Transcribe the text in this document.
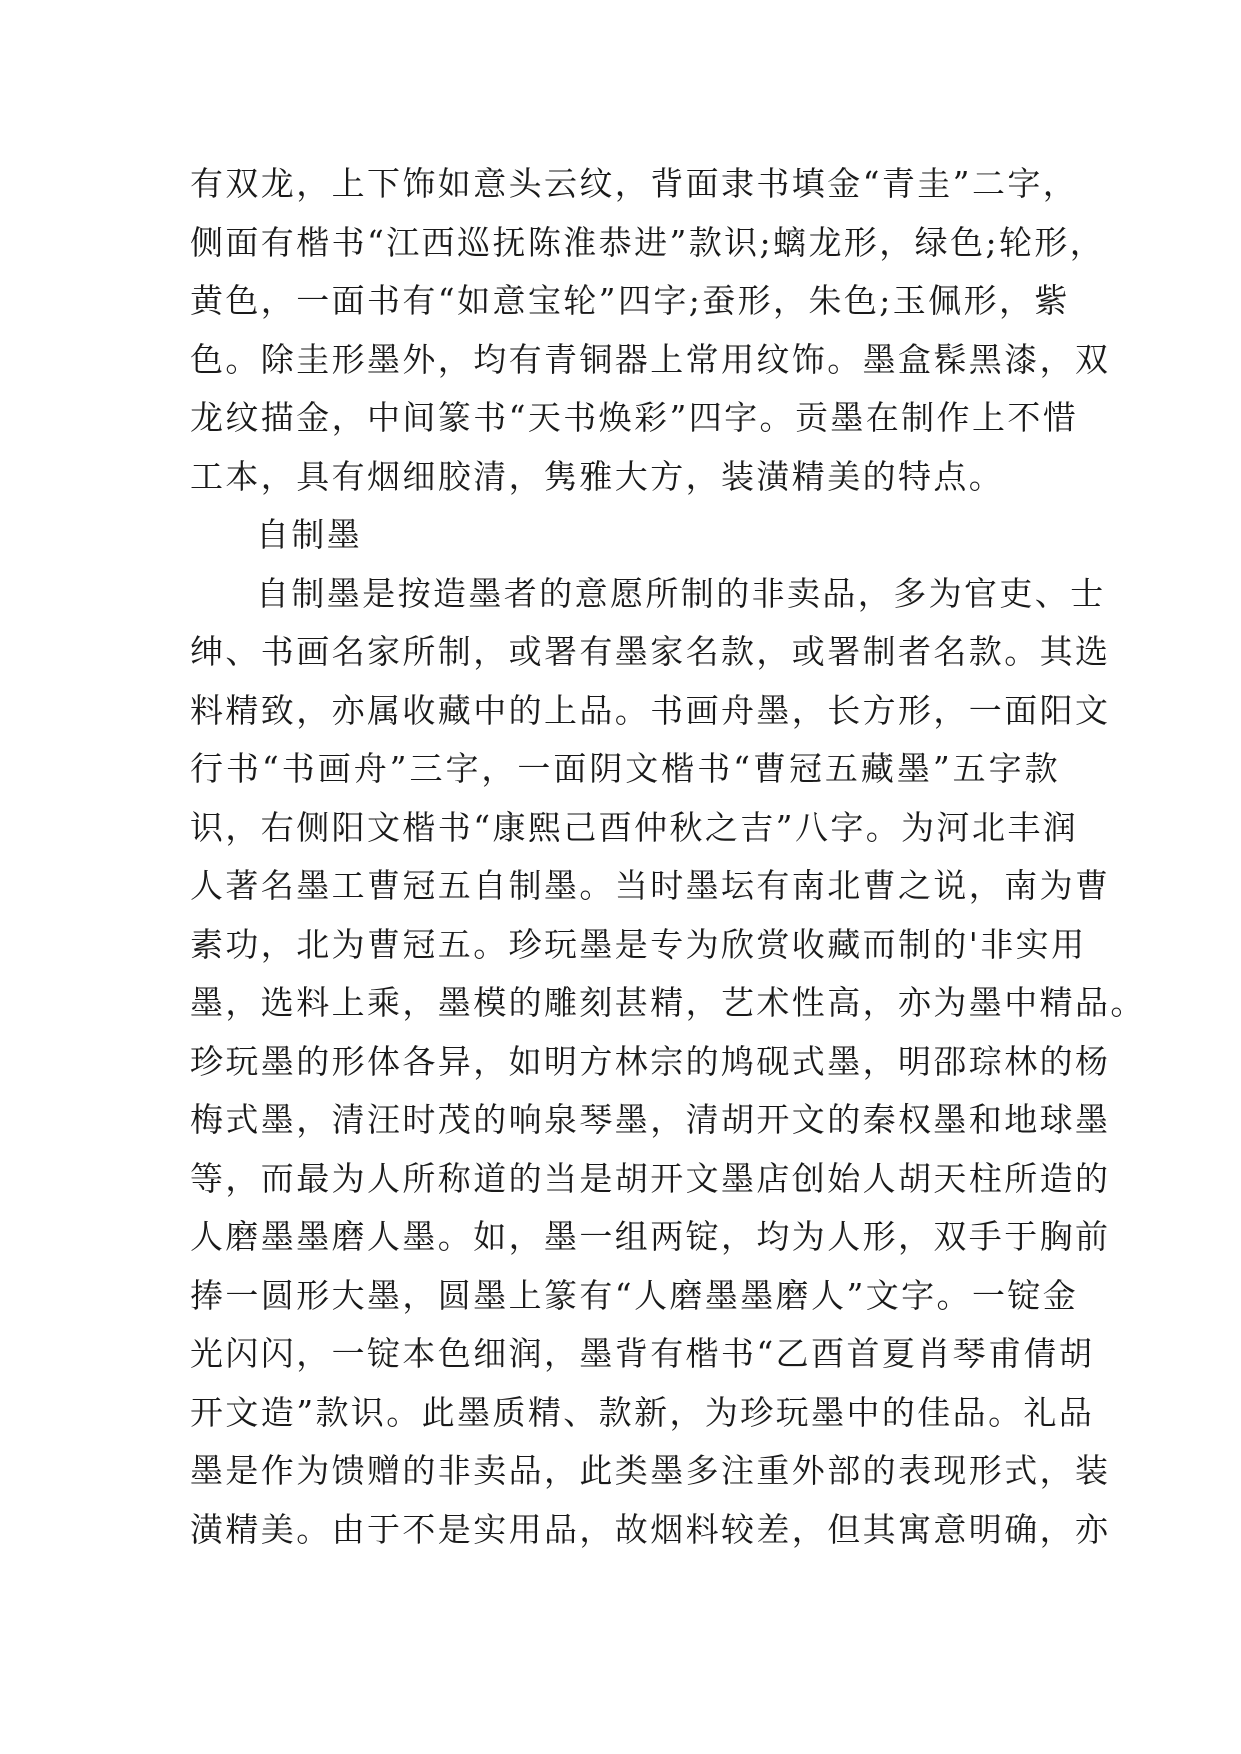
有双龙，上下饰如意头云纹，背面隶书填金“青圭”二字，
侧面有楷书“江西巡抚陈淮恭进”款识;螭龙形，绿色;轮形，
黄色，一面书有“如意宝轮”四字;蚕形，朱色;玉佩形，紫
色。除圭形墨外，均有青铜器上常用纹饰。墨盒髹黑漆，双
龙纹描金，中间篆书“天书焕彩”四字。贡墨在制作上不惜
工本，具有烟细胶清，隽雅大方，装潢精美的特点。
自制墨
自制墨是按造墨者的意愿所制的非卖品，多为官吏、士
绅、书画名家所制，或署有墨家名款，或署制者名款。其选
料精致，亦属收藏中的上品。书画舟墨，长方形，一面阳文
行书“书画舟”三字，一面阴文楷书“曹冠五藏墨”五字款
识，右侧阳文楷书“康熙己酉仲秋之吉”八字。为河北丰润
人著名墨工曹冠五自制墨。当时墨坛有南北曹之说，南为曹
素功，北为曹冠五。珍玩墨是专为欣赏收藏而制的'非实用
墨，选料上乘，墨模的雕刻甚精，艺术性高，亦为墨中精品。
珍玩墨的形体各异，如明方林宗的鸠砚式墨，明邵琮林的杨
梅式墨，清汪时茂的响泉琴墨，清胡开文的秦权墨和地球墨
等，而最为人所称道的当是胡开文墨店创始人胡天柱所造的
人磨墨墨磨人墨。如，墨一组两锭，均为人形，双手于胸前
捧一圆形大墨，圆墨上篆有“人磨墨墨磨人”文字。一锭金
光闪闪，一锭本色细润，墨背有楷书“乙酉首夏肖琴甫倩胡
开文造”款识。此墨质精、款新，为珍玩墨中的佳品。礼品
墨是作为馈赠的非卖品，此类墨多注重外部的表现形式，装
潢精美。由于不是实用品，故烟料较差，但其寓意明确，亦
